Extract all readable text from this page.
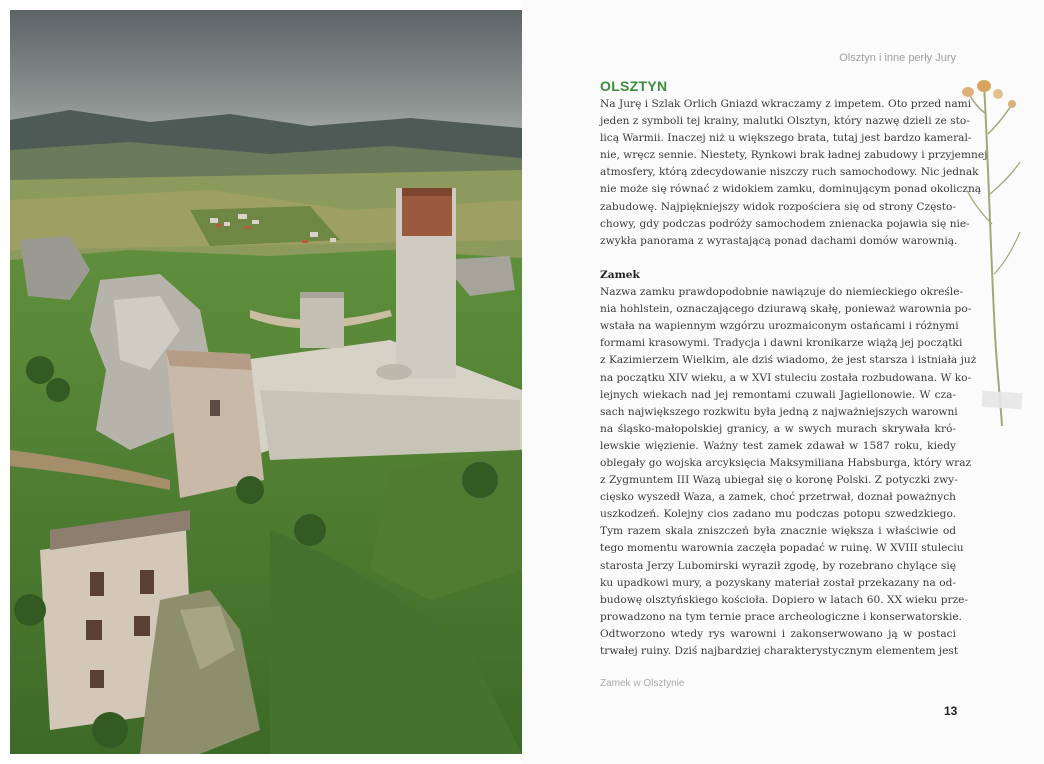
Olsztyn i inne perły Jury
OLSZTYN
Na Jurę i Szlak Orlich Gniazd wkraczamy z impetem. Oto przed nami
jeden z symboli tej krainy, malutki Olsztyn, który nazwę dzieli ze sto-
licą Warmii. Inaczej niż u większego brata, tutaj jest bardzo kameral-
nie, wręcz sennie. Niestety, Rynkowi brak ładnej zabudowy i przyjemnej
atmosfery, którą zdecydowanie niszczy ruch samochodowy. Nic jednak
nie może się równać z widokiem zamku, dominującym ponad okoliczną
zabudowę. Najpiękniejszy widok rozpościera się od strony Często-
chowy, gdy podczas podróży samochodem znienacka pojawia się nie-
zwykła panorama z wyrastającą ponad dachami domów warownią.
Zamek
Nazwa zamku prawdopodobnie nawiązuje do niemieckiego określe-
nia hohlstein, oznaczającego dziurawą skałę, ponieważ warownia po-
wstała na wapiennym wzgórzu urozmaiconym ostańcami i różnymi
formami krasowymi. Tradycja i dawni kronikarze wiążą jej początki
z Kazimierzem Wielkim, ale dziś wiadomo, że jest starsza i istniała już
na początku XIV wieku, a w XVI stuleciu została rozbudowana. W ko-
lejnych wiekach nad jej remontami czuwali Jagiellonowie. W cza-
sach największego rozkwitu była jedną z najważniejszych warowni
na śląsko-małopolskiej granicy, a w swych murach skrywała kró-
lewskie więzienie. Ważny test zamek zdawał w 1587 roku, kiedy
oblegały go wojska arcyksięcia Maksymiliana Habsburga, który wraz
z Zygmuntem III Wazą ubiegał się o koronę Polski. Z potyczki zwy-
cięsko wyszedł Waza, a zamek, choć przetrwał, doznał poważnych
uszkodzeń. Kolejny cios zadano mu podczas potopu szwedzkiego.
Tym razem skala zniszczeń była znacznie większa i właściwie od
tego momentu warownia zaczęła popadać w ruinę. W XVIII stuleciu
starosta Jerzy Lubomirski wyraził zgodę, by rozebrano chylące się
ku upadkowi mury, a pozyskany materiał został przekazany na od-
budowę olsztyńskiego kościoła. Dopiero w latach 60. XX wieku prze-
prowadzono na tym ternie prace archeologiczne i konserwatorskie.
Odtworzono wtedy rys warowni i zakonserwowano ją w postaci
trwałej ruiny. Dziś najbardziej charakterystycznym elementem jest
Zamek w Olsztynie
13
